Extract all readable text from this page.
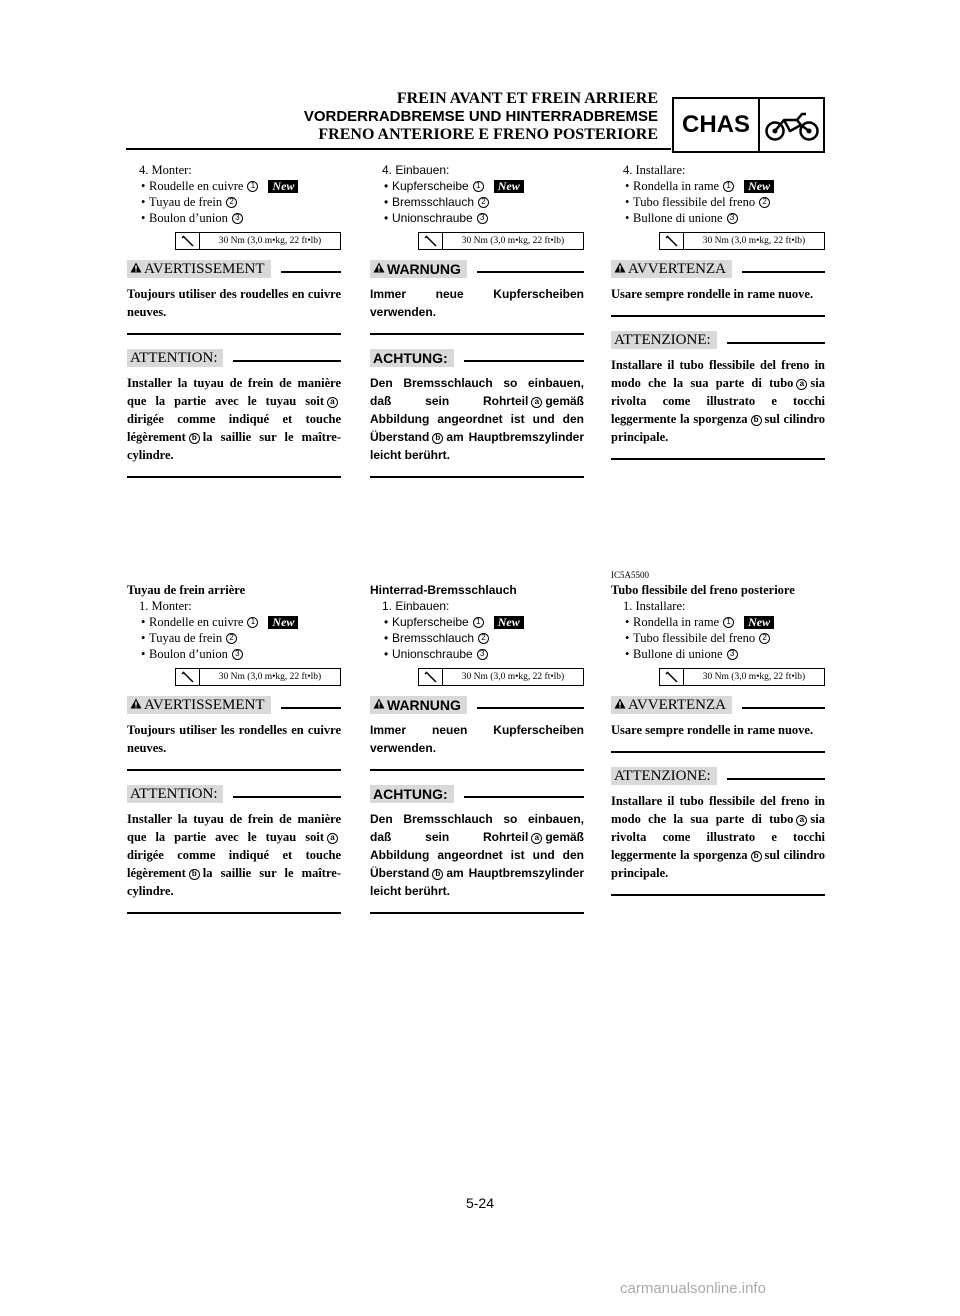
FREIN AVANT ET FREIN ARRIERE
VORDERRADBREMSE UND HINTERRADBREMSE
FRENO ANTERIORE E FRENO POSTERIORE CHAS
4. Monter:
• Roudelle en cuivre 1	New
• Tuyau de frein 2
• Boulon d’union 3
30 Nm (3,0 m•kg, 22 ft•lb)
AVERTISSEMENT
Toujours utiliser des roudelles en cuivre neuves.
ATTENTION:
Installer la tuyau de frein de manière que la partie avec le tuyau soit adirigée comme indiqué et touche légèrement b la saillie sur le maître-cylindre.
4. Einbauen:
• Kupferscheibe 1	New
• Bremsschlauch 2
• Unionschraube 3
30 Nm (3,0 m•kg, 22 ft•lb)
WARNUNG
Immer neue Kupferscheiben verwenden.
ACHTUNG:
Den Bremsschlauch so einbauen, daß sein Rohrteil a gemäß Abbildung angeordnet ist und den Überstand b am Hauptbremszylinder leicht berührt.
4. Installare:
• Rondella in rame 1	New
• Tubo flessibile del freno 2
• Bullone di unione 3
30 Nm (3,0 m•kg, 22 ft•lb)
AVVERTENZA
Usare sempre rondelle in rame nuove.
ATTENZIONE:
Installare il tubo flessibile del freno in modo che la sua parte di tubo a sia rivolta come illustrato e tocchi leggermente la sporgenza b sul cilindro principale.
Tuyau de frein arrière
1. Monter:
• Rondelle en cuivre 1	New
• Tuyau de frein 2
• Boulon d’union 3
30 Nm (3,0 m•kg, 22 ft•lb)
AVERTISSEMENT
Toujours utiliser les rondelles en cuivre neuves.
ATTENTION:
Installer la tuyau de frein de manière que la partie avec le tuyau soit adirigée comme indiqué et touche légèrement b la saillie sur le maître-cylindre.
Hinterrad-Bremsschlauch
1. Einbauen:
• Kupferscheibe 1	New
• Bremsschlauch 2
• Unionschraube 3
30 Nm (3,0 m•kg, 22 ft•lb)
WARNUNG
Immer neuen Kupferscheiben verwenden.
ACHTUNG:
Den Bremsschlauch so einbauen, daß sein Rohrteil a gemäß Abbildung angeordnet ist und den Überstand b am Hauptbremszylinder leicht berührt.
IC5A5500
Tubo flessibile del freno posteriore
1. Installare:
• Rondella in rame 1	New
• Tubo flessibile del freno 2
• Bullone di unione 3
30 Nm (3,0 m•kg, 22 ft•lb)
AVVERTENZA
Usare sempre rondelle in rame nuove.
ATTENZIONE:
Installare il tubo flessibile del freno in modo che la sua parte di tubo a sia rivolta come illustrato e tocchi leggermente la sporgenza b sul cilindro principale.
5-24
carmanualsonline.info
